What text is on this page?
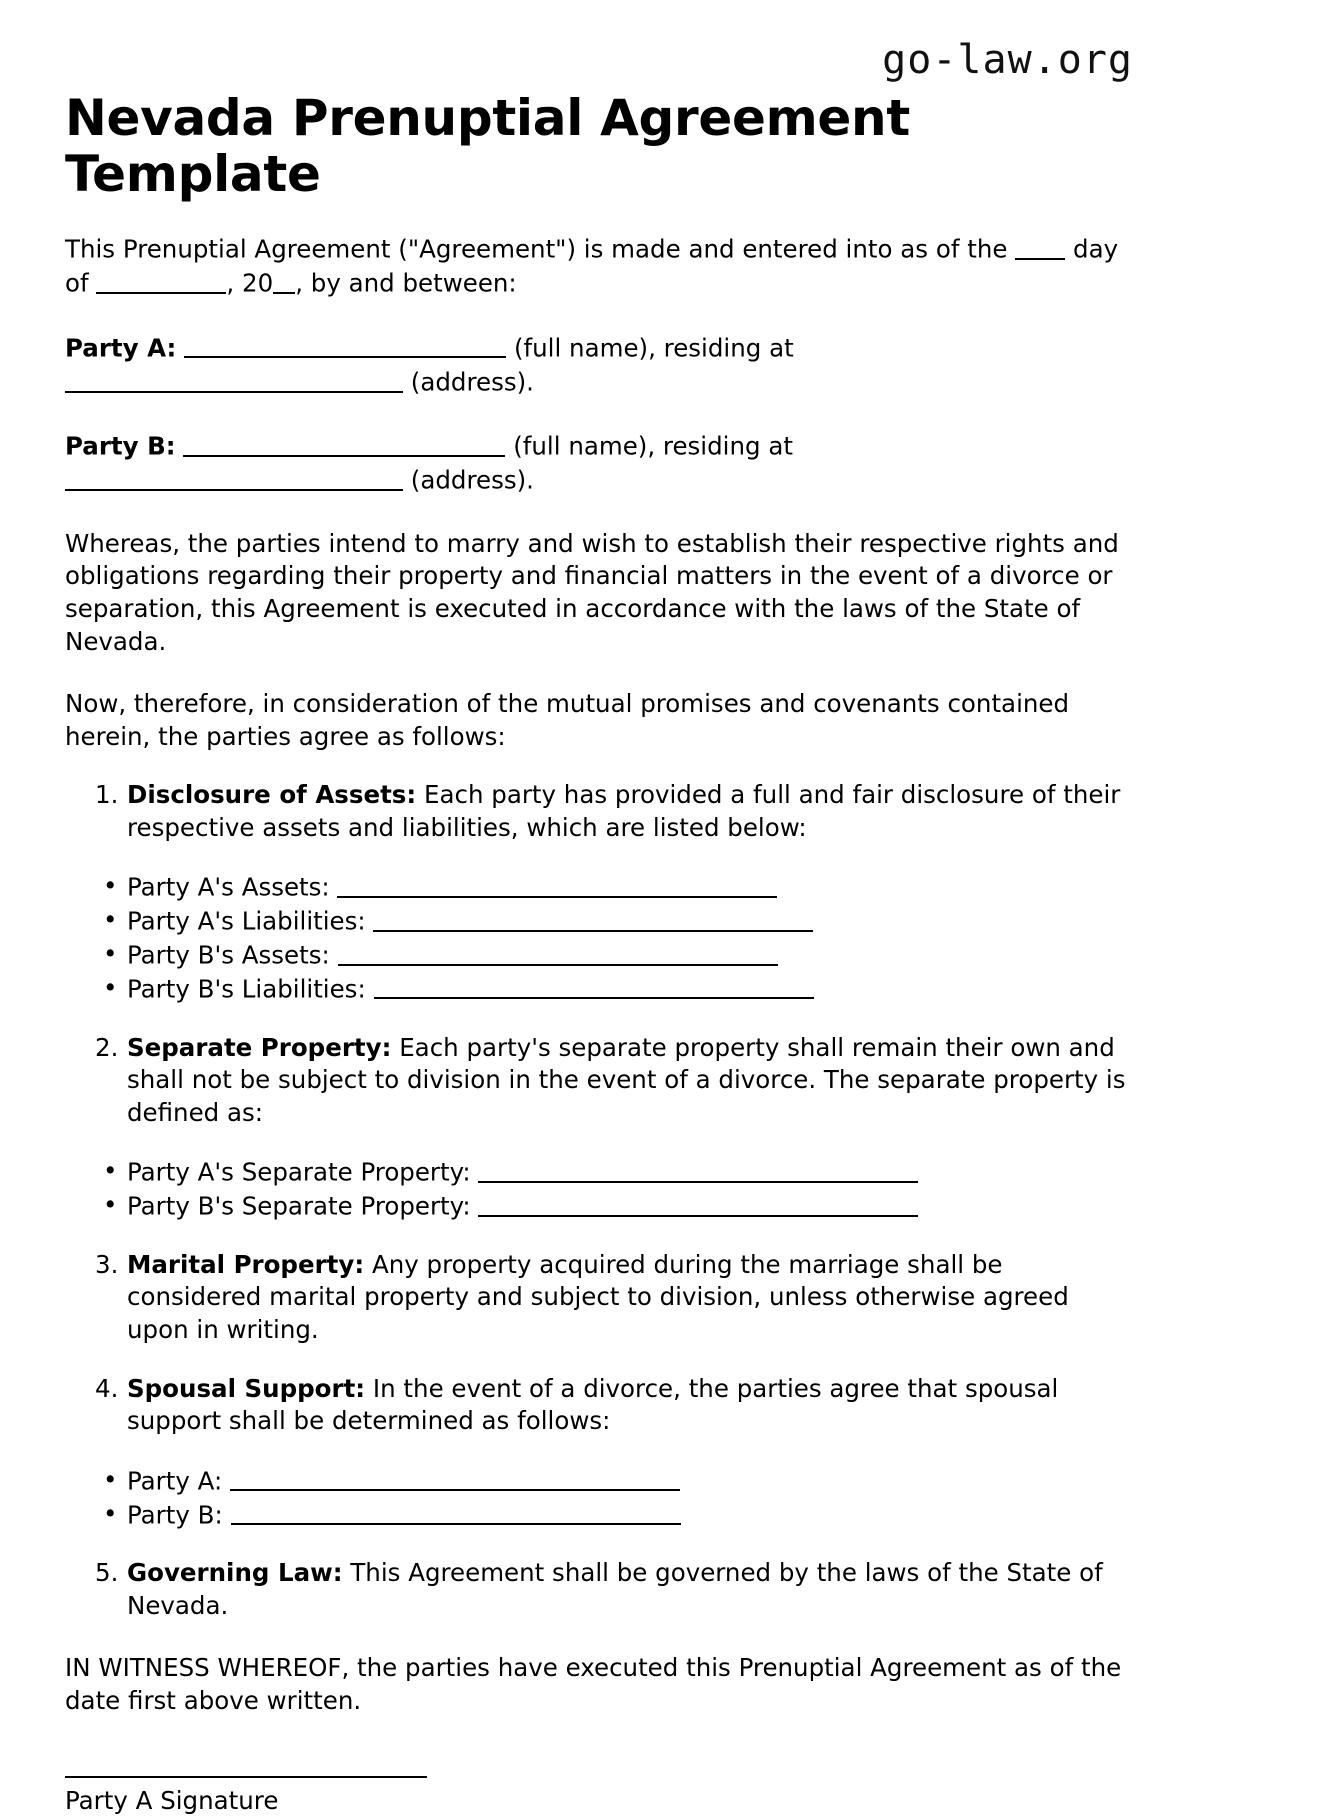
go-law.org
Nevada Prenuptial Agreement Template

This Prenuptial Agreement ("Agreement") is made and entered into as of the	day of	, 20 , by and between:

Party A:	(full name), residing at  (address).

Party B:	(full name), residing at  (address).

Whereas, the parties intend to marry and wish to establish their respective rights and obligations regarding their property and financial matters in the event of a divorce or separation, this Agreement is executed in accordance with the laws of the State of Nevada.

Now, therefore, in consideration of the mutual promises and covenants contained herein, the parties agree as follows:

1. Disclosure of Assets: Each party has provided a full and fair disclosure of their respective assets and liabilities, which are listed below:
• Party A's Assets:
• Party A's Liabilities:
• Party B's Assets:
• Party B's Liabilities:
2. Separate Property: Each party's separate property shall remain their own and shall not be subject to division in the event of a divorce. The separate property is defined as:
• Party A's Separate Property:
• Party B's Separate Property:
3. Marital Property: Any property acquired during the marriage shall be considered marital property and subject to division, unless otherwise agreed upon in writing.
4. Spousal Support: In the event of a divorce, the parties agree that spousal support shall be determined as follows:
• Party A:
• Party B:
5. Governing Law: This Agreement shall be governed by the laws of the State of Nevada.

IN WITNESS WHEREOF, the parties have executed this Prenuptial Agreement as of the date first above written.

Party A Signature
